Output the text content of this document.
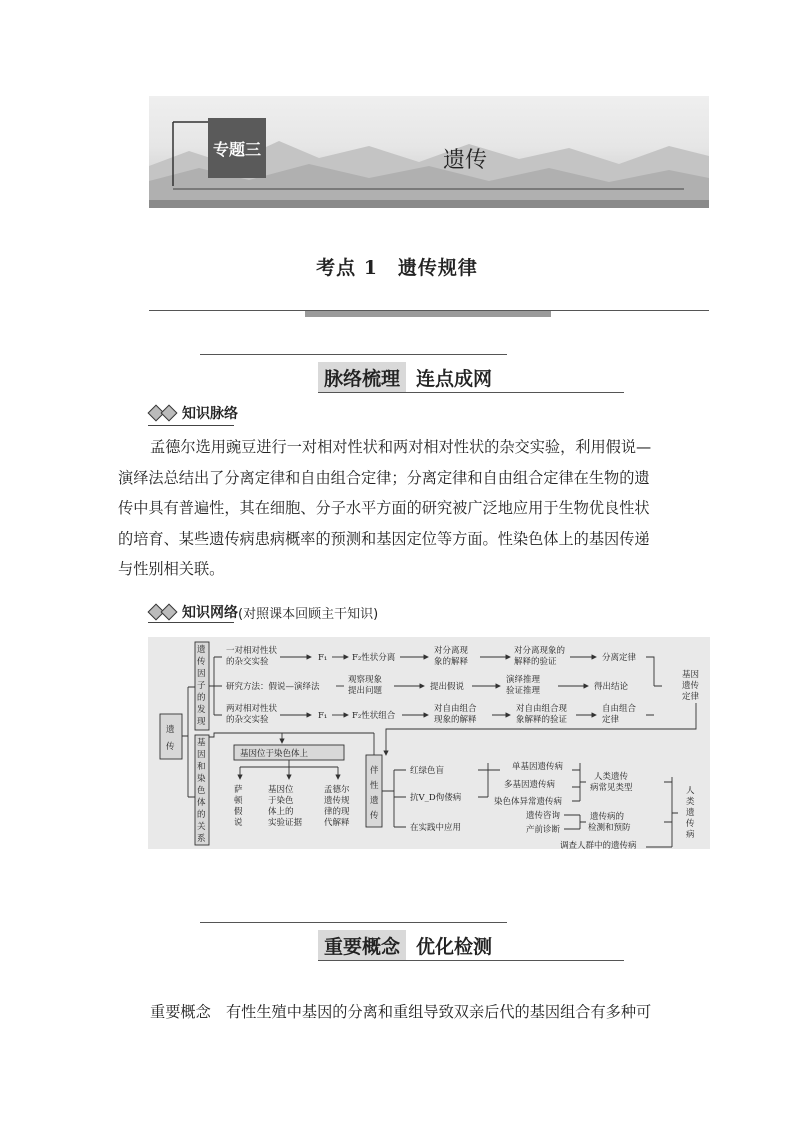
专题三	遗传
考点 1　遗传规律
脉络梳理 连点成网
知识脉络
孟德尔选用豌豆进行一对相对性状和两对相对性状的杂交实验，利用假说—
演绎法总结出了分离定律和自由组合定律；分离定律和自由组合定律在生物的遗
传中具有普遍性，其在细胞、分子水平方面的研究被广泛地应用于生物优良性状
的培育、某些遗传病患病概率的预测和基因定位等方面。性染色体上的基因传递
与性别相关联。
知识网络 (对照课本回顾主干知识)
遗
传
遗
传
因
子
的
发
现
基
因
和
染
色
体
的
关
系
一对相对性状
的杂交实验	F₁	F₂性状分离
对分离现
象的解释
对分离现象的
解释的验证	分离定律
研究方法：假说—演绎法
观察现象
提出问题	提出假说
演绎推理
验证推理	得出结论
两对相对性状
的杂交实验	F₁	F₂性状组合
对自由组合
现象的解释
对自由组合现
象解释的验证
自由组合
定律
基因
遗传
定律
基因位于染色体上
萨
顿
假
说
基因位
于染色
体上的
实验证据
孟德尔
遗传规
律的现
代解释
伴
性
遗
传
红绿色盲
抗V_D佝偻病
在实践中应用
单基因遗传病
多基因遗传病
染色体异常遗传病
人类遗传
病常见类型
遗传咨询
产前诊断
遗传病的
检测和预防
调查人群中的遗传病
人
类
遗
传
病
重要概念 优化检测
重要概念　有性生殖中基因的分离和重组导致双亲后代的基因组合有多种可
